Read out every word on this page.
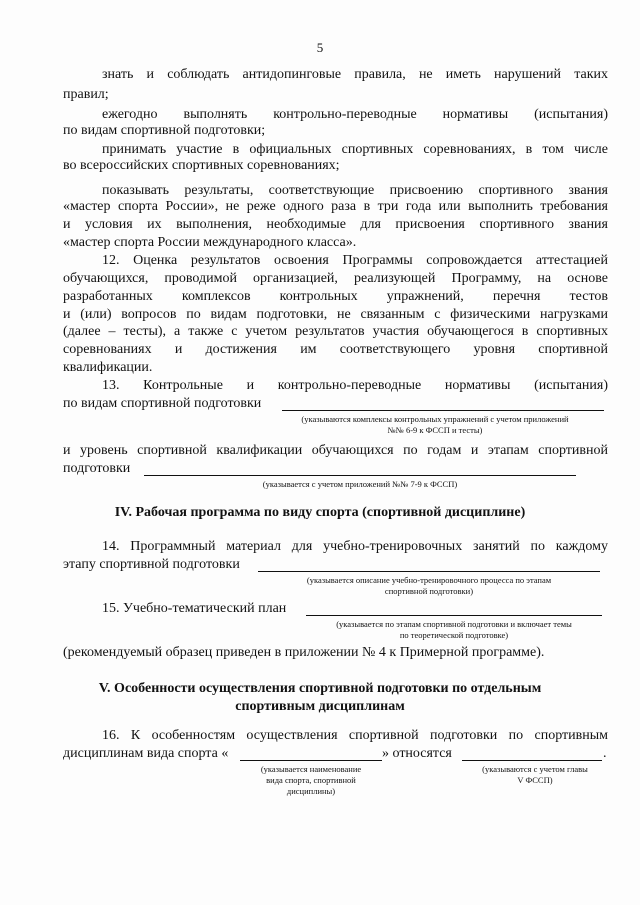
5
знать и соблюдать антидопинговые правила, не иметь нарушений таких
правил;
ежегодно выполнять контрольно-переводные нормативы (испытания)
по видам спортивной подготовки;
принимать участие в официальных спортивных соревнованиях, в том числе
во всероссийских спортивных соревнованиях;
показывать результаты, соответствующие присвоению спортивного звания
«мастер спорта России», не реже одного раза в три года или выполнить требования
и условия их выполнения, необходимые для присвоения спортивного звания
«мастер спорта России международного класса».
12. Оценка результатов освоения Программы сопровождается аттестацией
обучающихся, проводимой организацией, реализующей Программу, на основе
разработанных комплексов контрольных упражнений, перечня тестов
и (или) вопросов по видам подготовки, не связанным с физическими нагрузками
(далее – тесты), а также с учетом результатов участия обучающегося в спортивных
соревнованиях и достижения им соответствующего уровня спортивной
квалификации.
13. Контрольные и контрольно-переводные нормативы (испытания)
по видам спортивной подготовки
(указываются комплексы контрольных упражнений с учетом приложений
№№ 6-9 к ФССП и тесты)
и уровень спортивной квалификации обучающихся по годам и этапам спортивной
подготовки
(указывается с учетом приложений №№ 7-9 к ФССП)
IV. Рабочая программа по виду спорта (спортивной дисциплине)
14. Программный материал для учебно-тренировочных занятий по каждому
этапу спортивной подготовки
(указывается описание учебно-тренировочного процесса по этапам
спортивной подготовки)
15. Учебно-тематический план
(указывается по этапам спортивной подготовки и включает темы
по теоретической подготовке)
(рекомендуемый образец приведен в приложении № 4 к Примерной программе).
V. Особенности осуществления спортивной подготовки по отдельным
спортивным дисциплинам
16. К особенностям осуществления спортивной подготовки по спортивным
дисциплинам вида спорта «	» относятся	.
(указывается наименование
вида спорта, спортивной
дисциплины)
(указываются с учетом главы
V ФССП)
